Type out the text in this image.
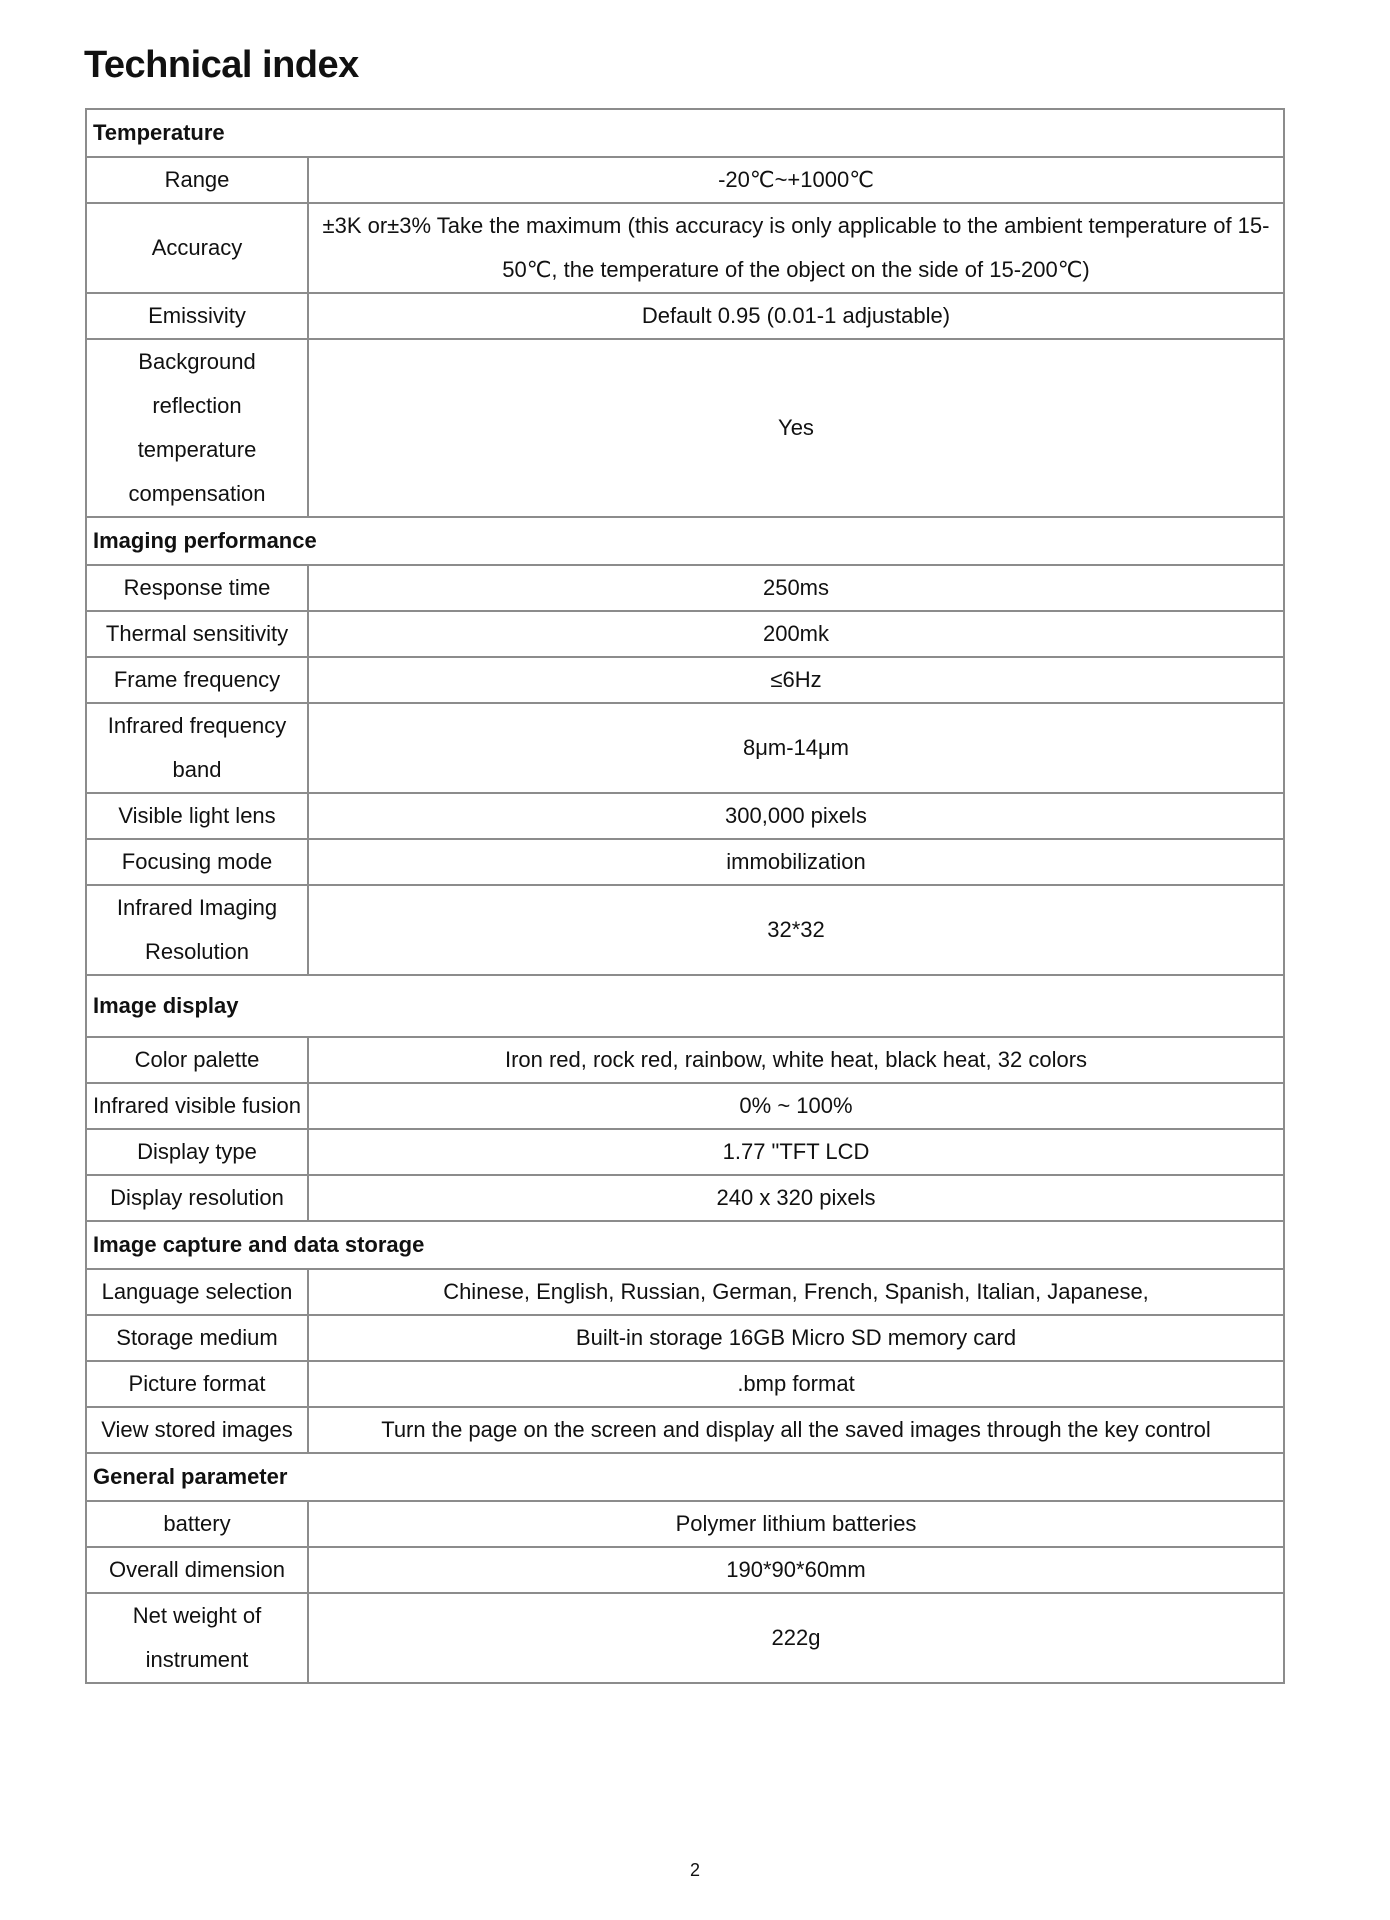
Technical index
Temperature	
Range	-20℃~+1000℃
Accuracy	±3K or±3% Take the maximum (this accuracy is only applicable to the ambient temperature of 15-50℃, the temperature of the object on the side of 15-200℃)
Emissivity	Default 0.95 (0.01-1 adjustable)
Background reflection temperature compensation	Yes
Imaging performance	
Response time	250ms
Thermal sensitivity	200mk
Frame frequency	≤6Hz
Infrared frequency band	8μm-14μm
Visible light lens	300,000 pixels
Focusing mode	immobilization
Infrared Imaging Resolution	32*32
Image display	
Color palette	Iron red, rock red, rainbow, white heat, black heat, 32 colors
Infrared visible fusion	0% ~ 100%
Display type	1.77 "TFT LCD
Display resolution	240 x 320 pixels
Image capture and data storage	
Language selection	Chinese, English, Russian, German, French, Spanish, Italian, Japanese,
Storage medium	Built-in storage 16GB Micro SD memory card
Picture format	.bmp format
View stored images	Turn the page on the screen and display all the saved images through the key control
General parameter	
battery	Polymer lithium batteries
Overall dimension	190*90*60mm
Net weight of instrument	222g
2
